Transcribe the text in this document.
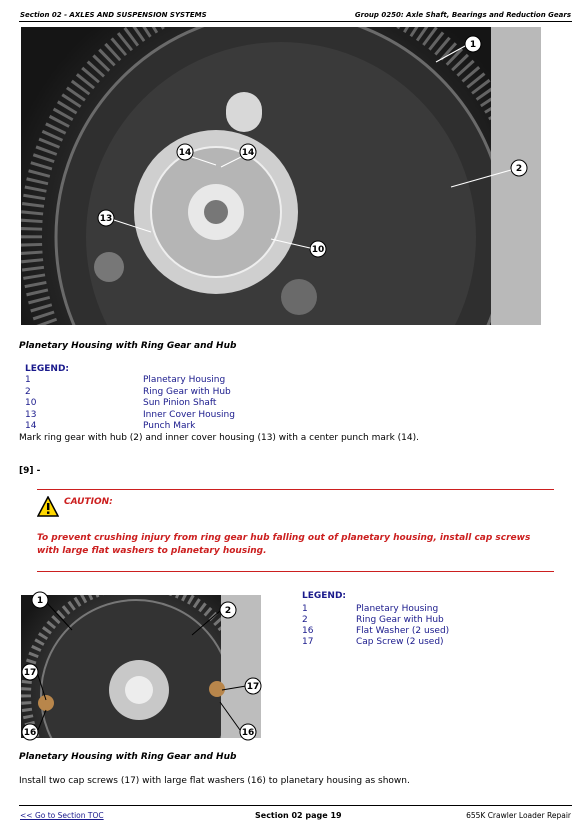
Section 02 - AXLES AND SUSPENSION SYSTEMS	Group 0250: Axle Shaft, Bearings and Reduction Gears
1
2
14	14
13
10
Planetary Housing with Ring Gear and Hub
LEGEND:
1	Planetary Housing
2	Ring Gear with Hub
10	Sun Pinion Shaft
13	Inner Cover Housing
14	Punch Mark
Mark ring gear with hub (2) and inner cover housing (13) with a center punch mark (14).
[9] -
CAUTION:
To prevent crushing injury from ring gear hub falling out of planetary housing, install cap screws with large flat washers to planetary housing.
1
2
17
17
16	16
LEGEND:
1	Planetary Housing
2	Ring Gear with Hub
16	Flat Washer (2 used)
17	Cap Screw (2 used)
Planetary Housing with Ring Gear and Hub
Install two cap screws (17) with large flat washers (16) to planetary housing as shown.
<< Go to Section TOC	Section 02 page 19	655K Crawler Loader Repair
